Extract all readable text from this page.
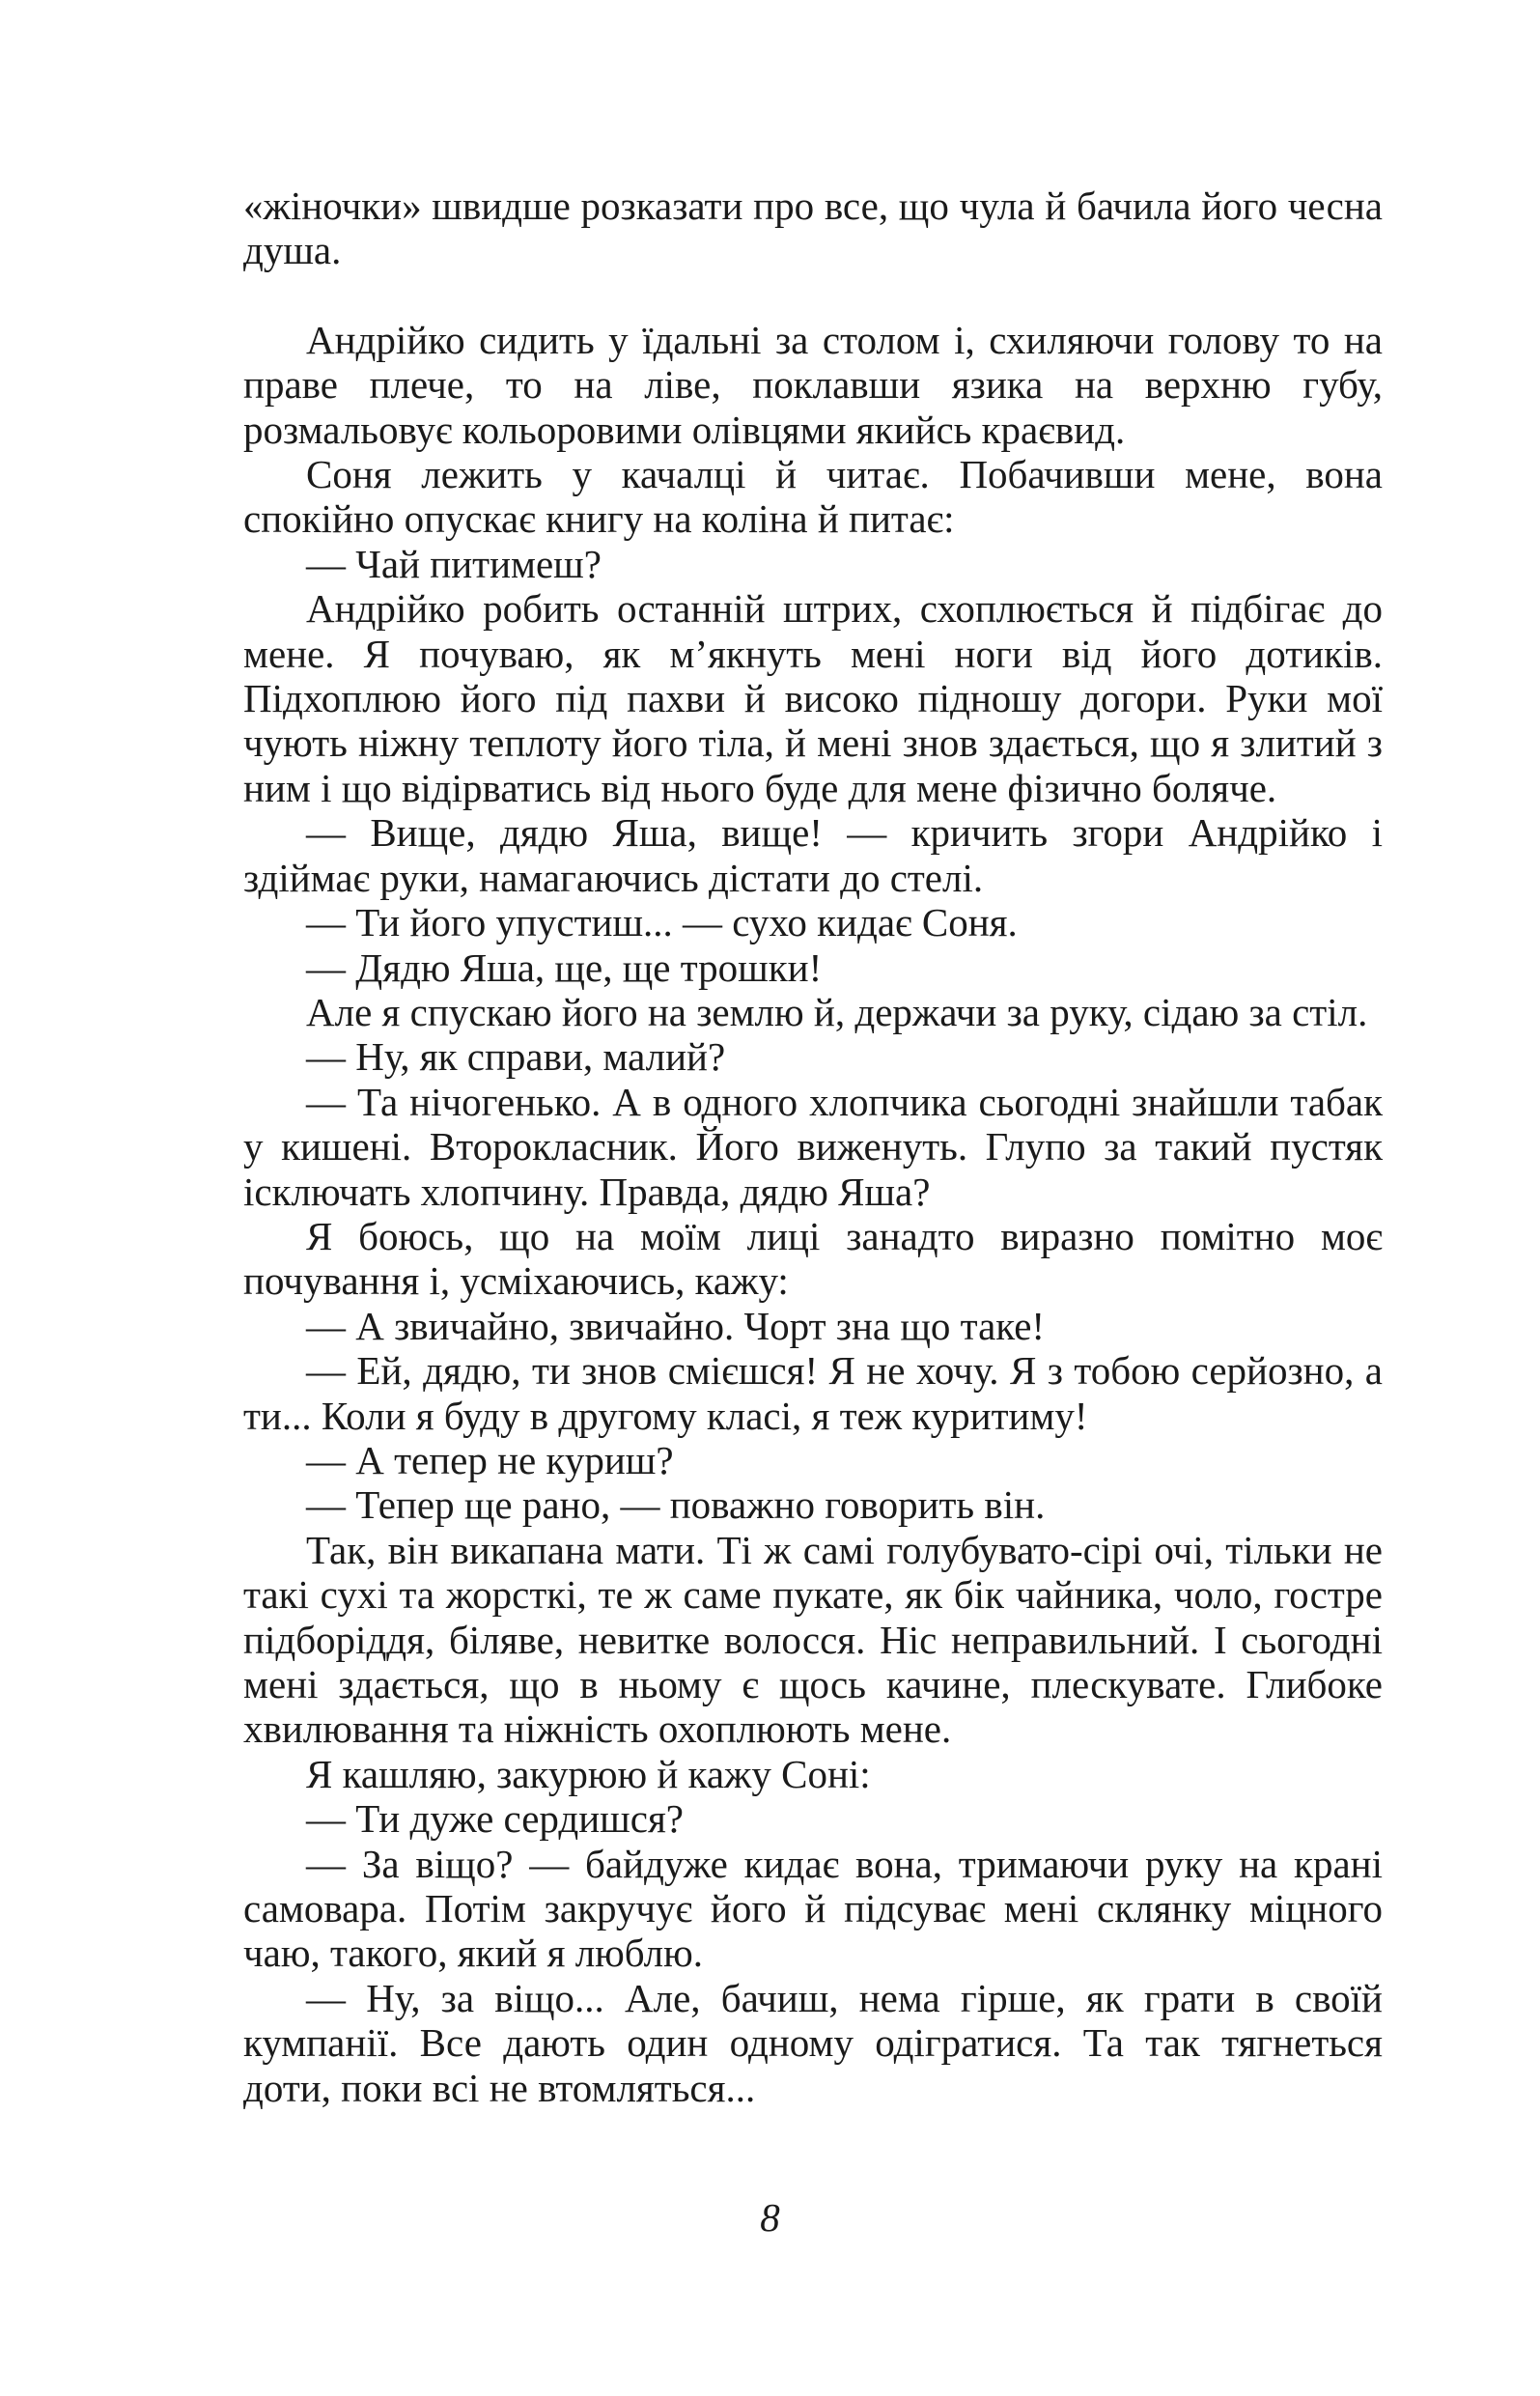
«жіночки» швидше розказати про все, що чула й бачила його чесна душа.

Андрійко сидить у їдальні за столом і, схиляючи голову то на праве плече, то на ліве, поклавши язика на верхню губу, розмальовує кольоровими олівцями якийсь краєвид.

Соня лежить у качалці й читає. Побачивши мене, вона спокійно опускає книгу на коліна й питає:

— Чай питимеш?

Андрійко робить останній штрих, схоплюється й підбігає до мене. Я почуваю, як м’якнуть мені ноги від його дотиків. Підхоплюю його під пахви й високо підношу догори. Руки мої чують ніжну теплоту його тіла, й мені знов здається, що я злитий з ним і що відірватись від нього буде для мене фізично боляче.

— Вище, дядю Яша, вище! — кричить згори Андрійко і здіймає руки, намагаючись дістати до стелі.

— Ти його упустиш... — сухо кидає Соня.

— Дядю Яша, ще, ще трошки!

Але я спускаю його на землю й, держачи за руку, сідаю за стіл.

— Ну, як справи, малий?

— Та нічогенько. А в одного хлопчика сьогодні знайшли табак у кишені. Второкласник. Його виженуть. Глупо за такий пустяк ісключать хлопчину. Правда, дядю Яша?

Я боюсь, що на моїм лиці занадто виразно помітно моє почування і, усміхаючись, кажу:

— А звичайно, звичайно. Чорт зна що таке!

— Ей, дядю, ти знов смієшся! Я не хочу. Я з тобою серйозно, а ти... Коли я буду в другому класі, я теж куритиму!

— А тепер не куриш?

— Тепер ще рано, — поважно говорить він.

Так, він викапана мати. Ті ж самі голубувато-сірі очі, тільки не такі сухі та жорсткі, те ж саме пукате, як бік чайника, чоло, гостре підборіддя, біляве, невитке волосся. Ніс неправильний. І сьогодні мені здається, що в ньому є щось качине, плескувате. Глибоке хвилювання та ніжність охоплюють мене.

Я кашляю, закурюю й кажу Соні:

— Ти дуже сердишся?

— За віщо? — байдуже кидає вона, тримаючи руку на крані самовара. Потім закручує його й підсуває мені склянку міцного чаю, такого, який я люблю.

— Ну, за віщо... Але, бачиш, нема гірше, як грати в своїй кумпанії. Все дають один одному одігратися. Та так тягнеться доти, поки всі не втомляться...

8
